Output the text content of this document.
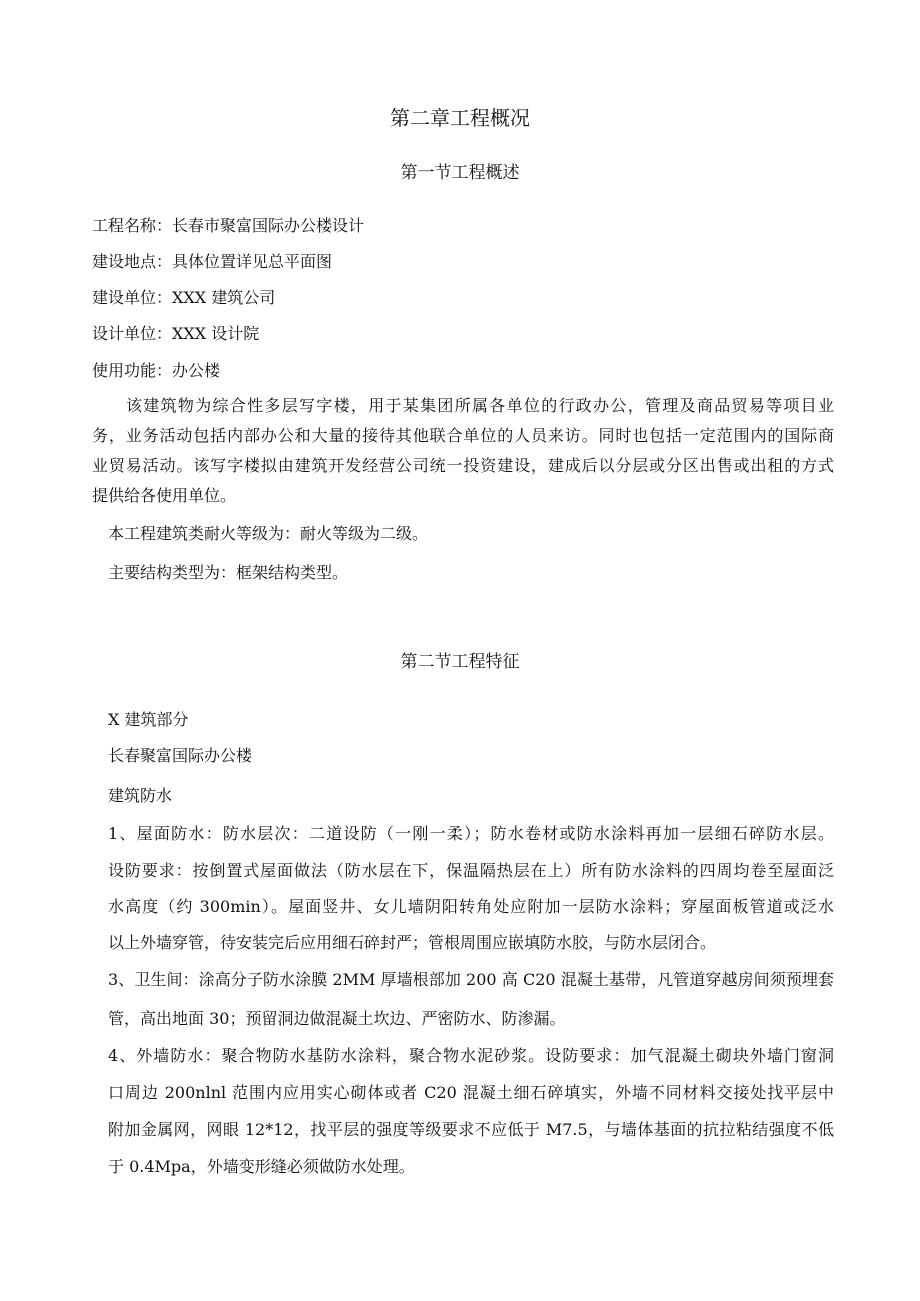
第二章工程概况
第一节工程概述
工程名称：长春市聚富国际办公楼设计
建设地点：具体位置详见总平面图
建设单位：XXX 建筑公司
设计单位：XXX 设计院
使用功能：办公楼
该建筑物为综合性多层写字楼，用于某集团所属各单位的行政办公，管理及商品贸易等项目业
务，业务活动包括内部办公和大量的接待其他联合单位的人员来访。同时也包括一定范围内的国际商
业贸易活动。该写字楼拟由建筑开发经营公司统一投资建设，建成后以分层或分区出售或出租的方式
提供给各使用单位。
本工程建筑类耐火等级为：耐火等级为二级。
主要结构类型为：框架结构类型。
第二节工程特征
X 建筑部分
长春聚富国际办公楼
建筑防水
1、屋面防水：防水层次：二道设防（一刚一柔）；防水卷材或防水涂料再加一层细石碎防水层。
设防要求：按倒置式屋面做法（防水层在下，保温隔热层在上）所有防水涂料的四周均卷至屋面泛
水高度（约 300min）。屋面竖井、女儿墙阴阳转角处应附加一层防水涂料；穿屋面板管道或泛水
以上外墙穿管，待安装完后应用细石碎封严；管根周围应嵌填防水胶，与防水层闭合。
3、卫生间：涂高分子防水涂膜 2MM 厚墙根部加 200 高 C20 混凝土基带，凡管道穿越房间须预埋套
管，高出地面 30；预留洞边做混凝土坎边、严密防水、防渗漏。
4、外墙防水：聚合物防水基防水涂料，聚合物水泥砂浆。设防要求：加气混凝土砌块外墙门窗洞
口周边 200nlnl 范围内应用实心砌体或者 C20 混凝土细石碎填实，外墙不同材料交接处找平层中
附加金属网，网眼 12*12，找平层的强度等级要求不应低于 M7.5，与墙体基面的抗拉粘结强度不低
于 0.4Mpa，外墙变形缝必须做防水处理。
